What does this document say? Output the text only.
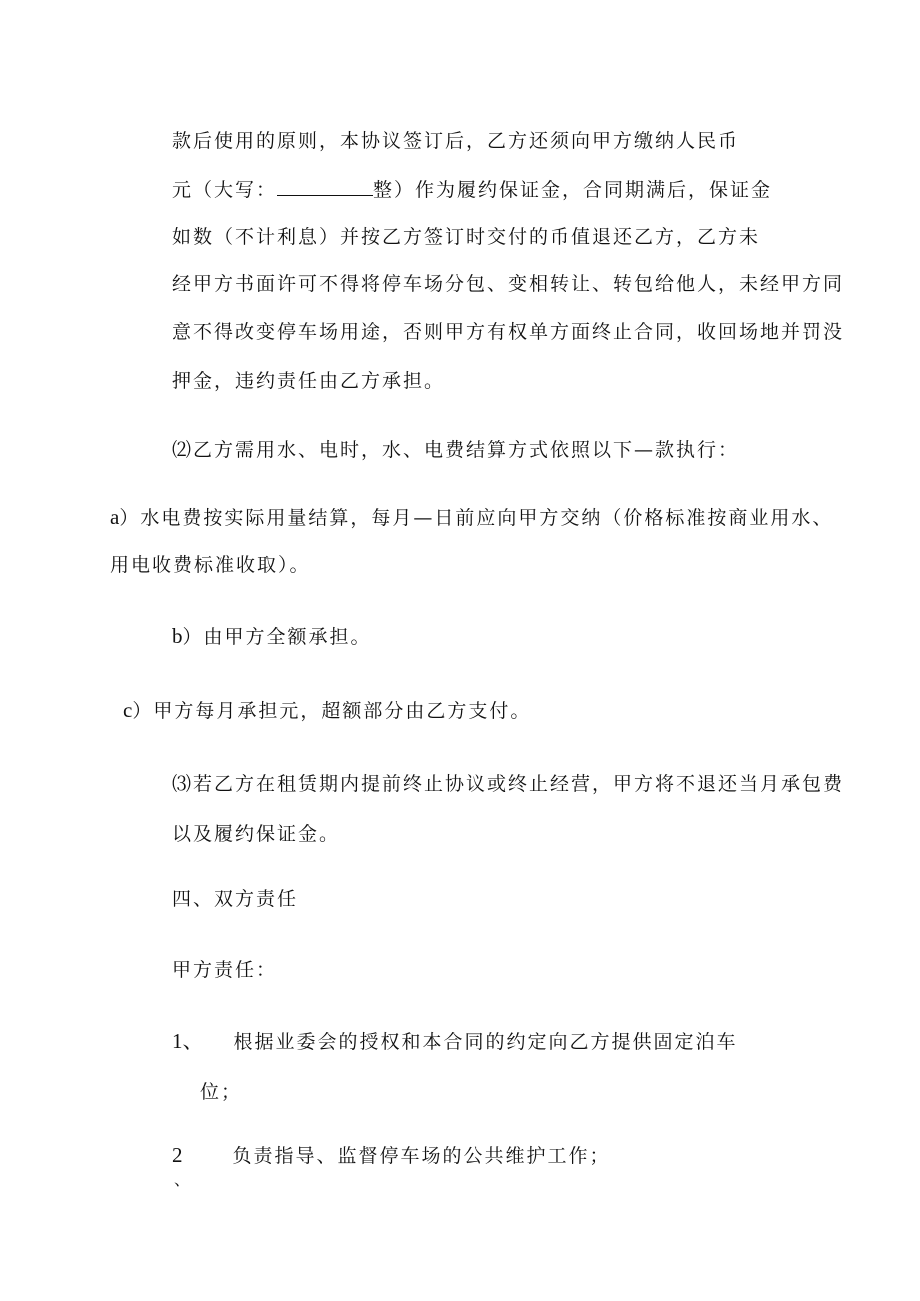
款后使用的原则，本协议签订后，乙方还须向甲方缴纳人民币
元（大写：	整）作为履约保证金，合同期满后，保证金
如数（不计利息）并按乙方签订时交付的币值退还乙方，乙方未
经甲方书面许可不得将停车场分包、变相转让、转包给他人，未经甲方同
意不得改变停车场用途，否则甲方有权单方面终止合同，收回场地并罚没
押金，违约责任由乙方承担。
⑵乙方需用水、电时，水、电费结算方式依照以下—款执行：
a）水电费按实际用量结算，每月—日前应向甲方交纳（价格标准按商业用水、
用电收费标准收取）。
b）由甲方全额承担。
c）甲方每月承担元，超额部分由乙方支付。
⑶若乙方在租赁期内提前终止协议或终止经营，甲方将不退还当月承包费
以及履约保证金。
四、双方责任
甲方责任：
1、 根据业委会的授权和本合同的约定向乙方提供固定泊车
位；
2	负责指导、监督停车场的公共维护工作；
、
